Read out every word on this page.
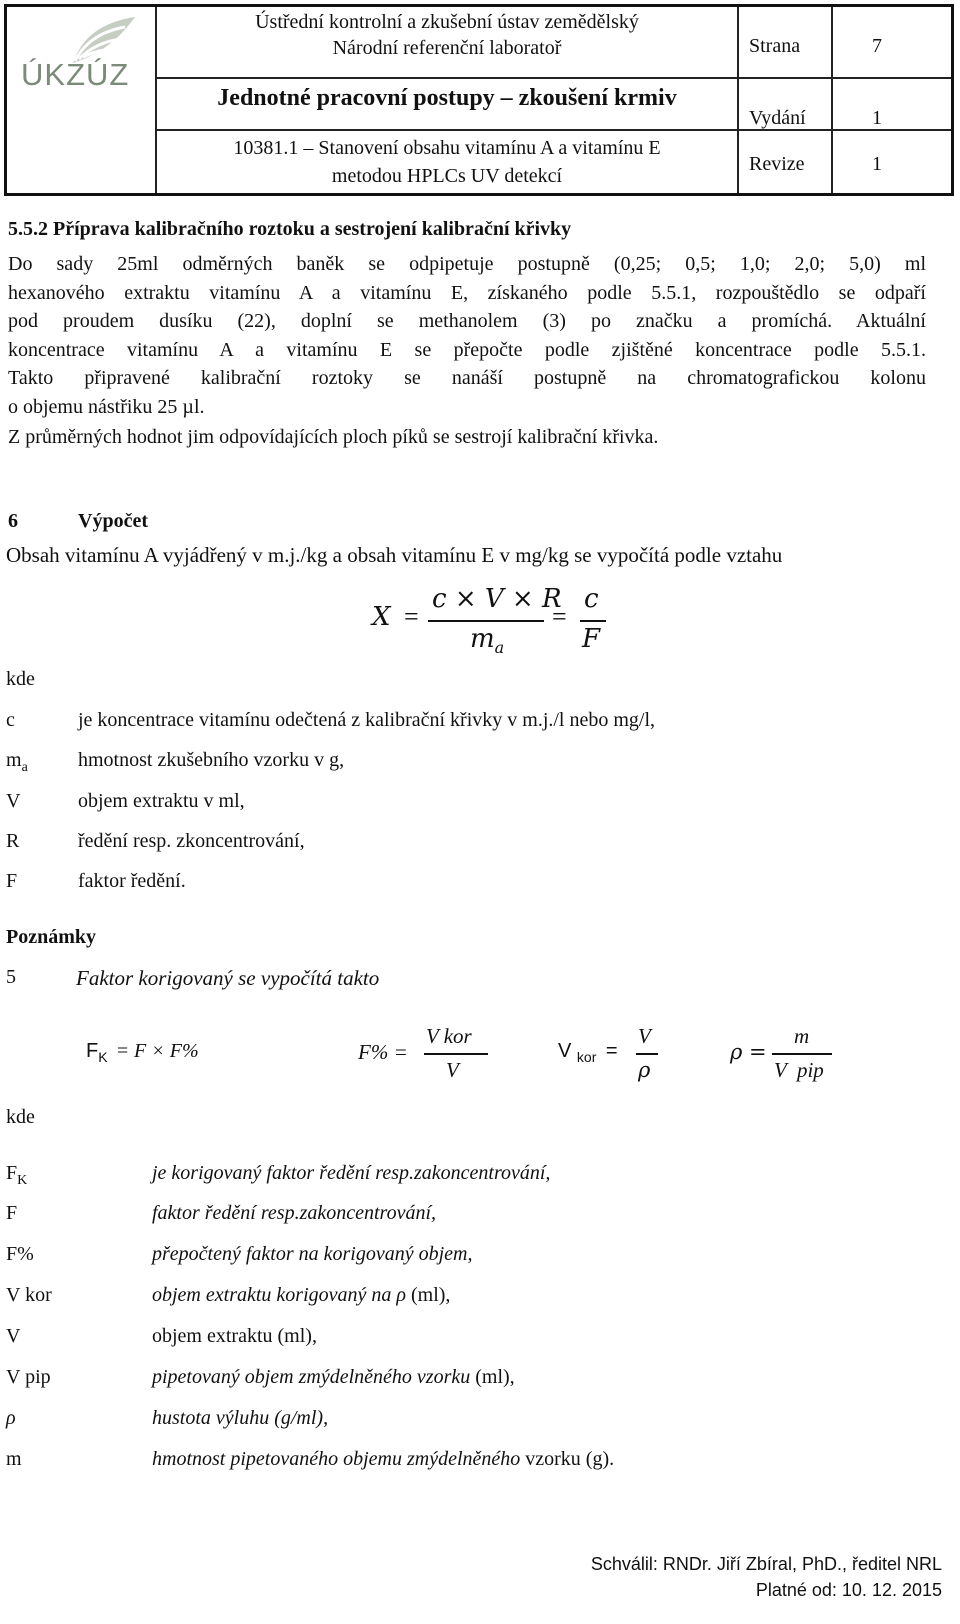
ÚKZÚZ
Ústřední kontrolní a zkušební ústav zemědělský
Národní referenční laboratoř
Jednotné pracovní postupy – zkoušení krmiv
10381.1 – Stanovení obsahu vitamínu A a vitamínu E
metodou HPLCs UV detekcí
Strana	7
Vydání	1
Revize	1
5.5.2 Příprava kalibračního roztoku a sestrojení kalibrační křivky
Do sady 25ml odměrných baněk se odpipetuje postupně (0,25; 0,5; 1,0; 2,0; 5,0) ml
hexanového extraktu vitamínu A a vitamínu E, získaného podle 5.5.1, rozpouštědlo se odpaří
pod proudem dusíku (22), doplní se methanolem (3) po značku a promíchá. Aktuální
koncentrace vitamínu A a vitamínu E se přepočte podle zjištěné koncentrace podle 5.5.1.
Takto připravené kalibrační roztoky se nanáší postupně na chromatografickou kolonu
o objemu nástřiku 25 µl.
Z průměrných hodnot jim odpovídajících ploch píků se sestrojí kalibrační křivka.
6	Výpočet
Obsah vitamínu A vyjádřený v m.j./kg a obsah vitamínu E v mg/kg se vypočítá podle vztahu
X =
c × V × R
$m_a$
=
c
F
kde
c	je koncentrace vitamínu odečtená z kalibrační křivky v m.j./l nebo mg/l,
$m_a$	hmotnost zkušebního vzorku v g,
V	objem extraktu v ml,
R	ředění resp. zkoncentrování,
F	faktor ředění.
Poznámky
5	Faktor korigovaný se vypočítá takto
$F_K = F \times F\%$	F% =
V kor
V
V $_{kor}$ =
V
ρ
ρ =
m
V  pip
kde
$F_K$	je korigovaný faktor ředění resp.zakoncentrování,
F	faktor ředění resp.zakoncentrování,
F%	přepočtený faktor na korigovaný objem,
V kor	objem extraktu korigovaný na ρ (ml),
V	objem extraktu (ml),
V pip	pipetovaný objem zmýdelněného vzorku (ml),
ρ	hustota výluhu (g/ml),
m	hmotnost pipetovaného objemu zmýdelněného vzorku (g).
Schválil: RNDr. Jiří Zbíral, PhD., ředitel NRL
Platné od: 10. 12. 2015
